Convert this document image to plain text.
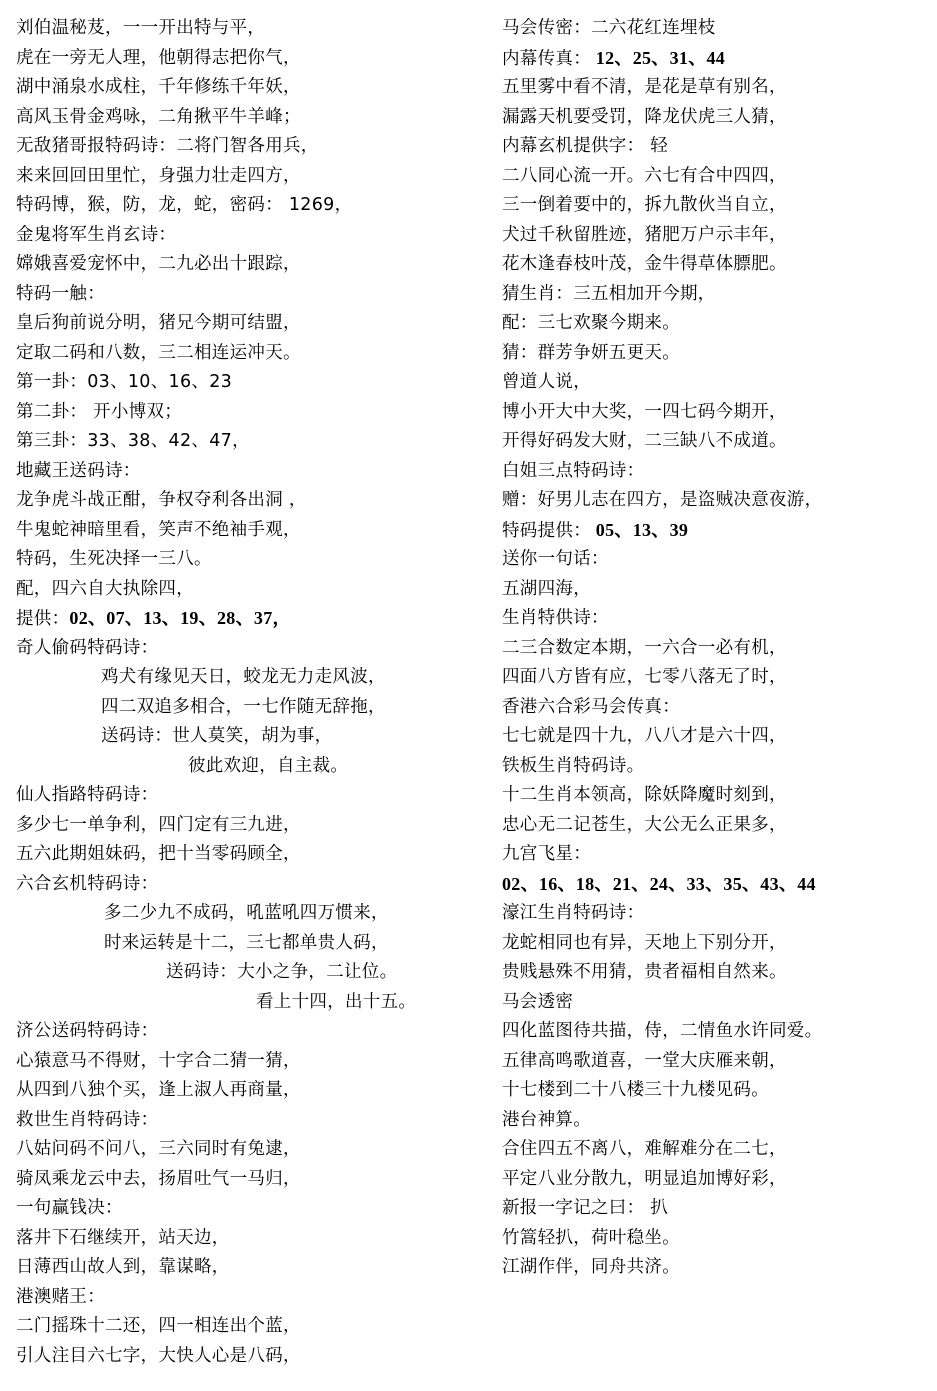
刘伯温秘芨，一一开出特与平，
虎在一旁无人理，他朝得志把你气，
湖中涌泉水成柱，千年修练千年妖，
高风玉骨金鸡咏，二角揪平牛羊峰；
无敌猪哥报特码诗：二将门智各用兵，
来来回回田里忙，身强力壮走四方，
特码博，猴，防，龙，蛇，密码： 1269，
金鬼将军生肖玄诗：
嫦娥喜爱宠怀中，二九必出十跟踪，
特码一触：
皇后狗前说分明，猪兄今期可结盟，
定取二码和八数，三二相连运冲天。
第一卦：03、10、16、23
第二卦： 开小博双；
第三卦：33、38、42、47，
地藏王送码诗：
龙争虎斗战正酣，争权夺利各出洞 ，
牛鬼蛇神暗里看，笑声不绝袖手观，
特码，生死决择一三八。
配，四六自大执除四，
提供：02、07、13、19、28、37，
奇人偷码特码诗：
鸡犬有缘见天日，蛟龙无力走风波，
四二双追多相合，一七作随无辞拖，
送码诗：世人莫笑，胡为事，
彼此欢迎，自主裁。
仙人指路特码诗：
多少七一单争利，四门定有三九进，
五六此期姐妹码，把十当零码顾全，
六合玄机特码诗：
多二少九不成码，吼蓝吼四万惯来，
时来运转是十二，三七都单贵人码，
送码诗：大小之争，二让位。
看上十四，出十五。
济公送码特码诗：
心猿意马不得财，十字合二猜一猜，
从四到八独个买，逢上淑人再商量，
救世生肖特码诗：
八姑问码不问八，三六同时有兔逮，
骑凤乘龙云中去，扬眉吐气一马归，
一句赢钱决：
落井下石继续开，站天边，
日薄西山故人到，靠谋略，
港澳赌王：
二门摇珠十二还，四一相连出个蓝，
引人注目六七字，大快人心是八码，
马会传密：二六花红连埋枝
内幕传真： 12、25、31、44
五里雾中看不清，是花是草有别名，
漏露天机要受罚，降龙伏虎三人猜，
内幕玄机提供字： 轻
二八同心流一开。六七有合中四四，
三一倒着要中的，拆九散伙当自立，
犬过千秋留胜迹，猪肥万户示丰年，
花木逢春枝叶茂，金牛得草体膘肥。
猜生肖：三五相加开今期，
配：三七欢聚今期来。
猜：群芳争妍五更天。
曾道人说，
博小开大中大奖，一四七码今期开，
开得好码发大财，二三缺八不成道。
白姐三点特码诗：
赠：好男儿志在四方，是盗贼决意夜游，
特码提供： 05、13、39
送你一句话：
五湖四海，
生肖特供诗：
二三合数定本期，一六合一必有机，
四面八方皆有应，七零八落无了时，
香港六合彩马会传真：
七七就是四十九，八八才是六十四，
铁板生肖特码诗。
十二生肖本领高，除妖降魔时刻到，
忠心无二记苍生，大公无么正果多，
九宫飞星：
02、16、18、21、24、33、35、43、44
濠江生肖特码诗：
龙蛇相同也有异，天地上下别分开，
贵贱悬殊不用猜，贵者福相自然来。
马会透密
四化蓝图待共描，侍，二情鱼水许同爱。
五律高鸣歌道喜，一堂大庆雁来朝，
十七楼到二十八楼三十九楼见码。
港台神算。
合住四五不离八，难解难分在二七，
平定八业分散九，明显追加博好彩，
新报一字记之曰： 扒
竹篙轻扒，荷叶稳坐。
江湖作伴，同舟共济。
